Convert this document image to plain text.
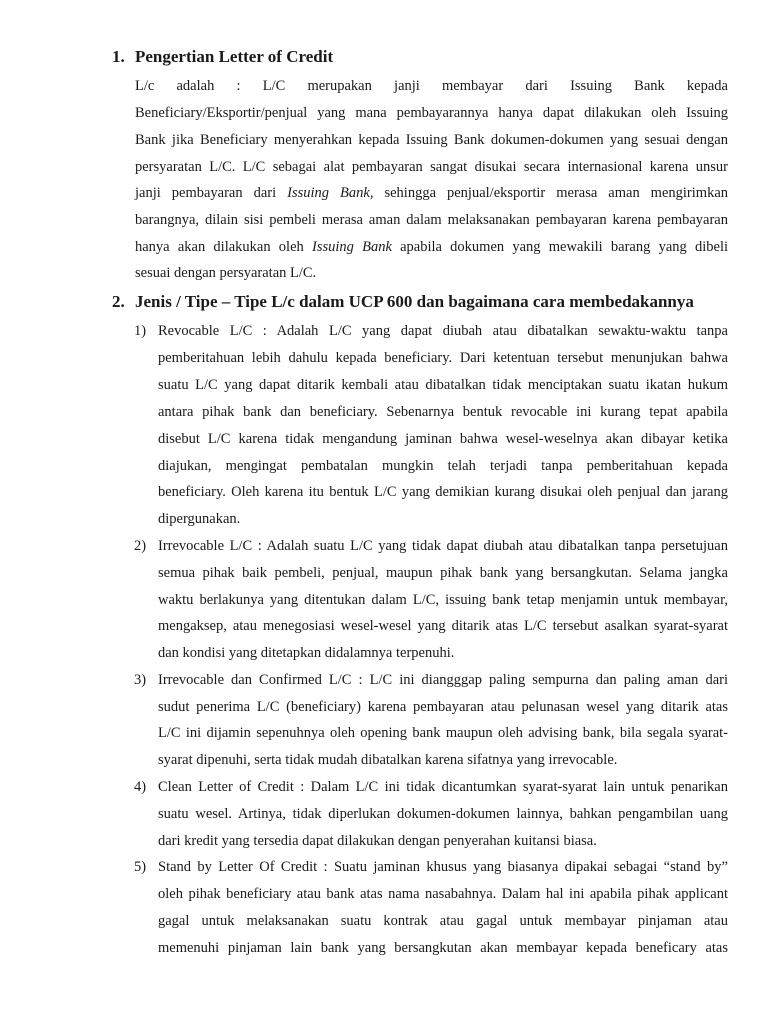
1. Pengertian Letter of Credit
L/c adalah : L/C merupakan janji membayar dari Issuing Bank kepada
Beneficiary/Eksportir/penjual yang mana pembayarannya hanya dapat dilakukan oleh Issuing
Bank jika Beneficiary menyerahkan kepada Issuing Bank dokumen-dokumen yang sesuai dengan
persyaratan L/C. L/C sebagai alat pembayaran sangat disukai secara internasional karena unsur
janji pembayaran dari Issuing Bank, sehingga penjual/eksportir merasa aman mengirimkan
barangnya, dilain sisi pembeli merasa aman dalam melaksanakan pembayaran karena pembayaran
hanya akan dilakukan oleh Issuing Bank apabila dokumen yang mewakili barang yang dibeli
sesuai dengan persyaratan L/C.
2. Jenis / Tipe – Tipe L/c dalam UCP 600 dan bagaimana cara membedakannya
1) Revocable L/C : Adalah L/C yang dapat diubah atau dibatalkan sewaktu-waktu tanpa
pemberitahuan lebih dahulu kepada beneficiary. Dari ketentuan tersebut menunjukan bahwa
suatu L/C yang dapat ditarik kembali atau dibatalkan tidak menciptakan suatu ikatan hukum
antara pihak bank dan beneficiary. Sebenarnya bentuk revocable ini kurang tepat apabila
disebut L/C karena tidak mengandung jaminan bahwa wesel-weselnya akan dibayar ketika
diajukan, mengingat pembatalan mungkin telah terjadi tanpa pemberitahuan kepada
beneficiary. Oleh karena itu bentuk L/C yang demikian kurang disukai oleh penjual dan jarang
dipergunakan.
2) Irrevocable L/C : Adalah suatu L/C yang tidak dapat diubah atau dibatalkan tanpa persetujuan
semua pihak baik pembeli, penjual, maupun pihak bank yang bersangkutan. Selama jangka
waktu berlakunya yang ditentukan dalam L/C, issuing bank tetap menjamin untuk membayar,
mengaksep, atau menegosiasi wesel-wesel yang ditarik atas L/C tersebut asalkan syarat-syarat
dan kondisi yang ditetapkan didalamnya terpenuhi.
3) Irrevocable dan Confirmed L/C : L/C ini diangggap paling sempurna dan paling aman dari
sudut penerima L/C (beneficiary) karena pembayaran atau pelunasan wesel yang ditarik atas
L/C ini dijamin sepenuhnya oleh opening bank maupun oleh advising bank, bila segala syarat-
syarat dipenuhi, serta tidak mudah dibatalkan karena sifatnya yang irrevocable.
4) Clean Letter of Credit : Dalam L/C ini tidak dicantumkan syarat-syarat lain untuk penarikan
suatu wesel. Artinya, tidak diperlukan dokumen-dokumen lainnya, bahkan pengambilan uang
dari kredit yang tersedia dapat dilakukan dengan penyerahan kuitansi biasa.
5) Stand by Letter Of Credit : Suatu jaminan khusus yang biasanya dipakai sebagai “stand by”
oleh pihak beneficiary atau bank atas nama nasabahnya. Dalam hal ini apabila pihak applicant
gagal untuk melaksanakan suatu kontrak atau gagal untuk membayar pinjaman atau
memenuhi pinjaman lain bank yang bersangkutan akan membayar kepada beneficary atas
